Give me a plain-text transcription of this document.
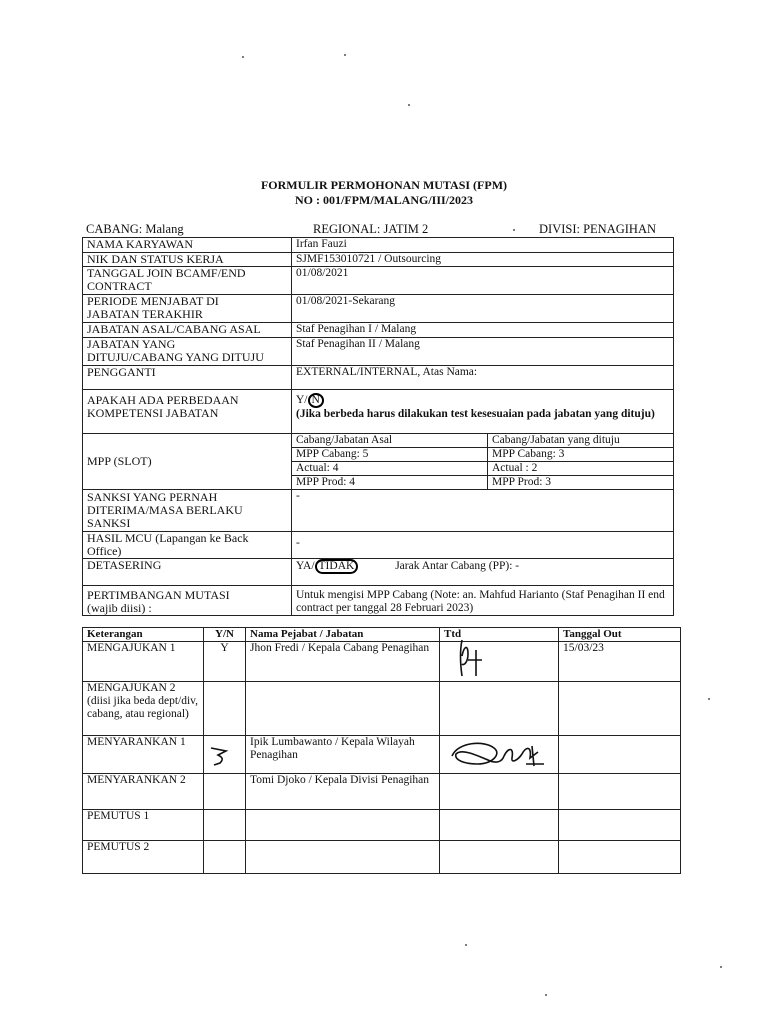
FORMULIR PERMOHONAN MUTASI (FPM)
NO : 001/FPM/MALANG/III/2023
CABANG: Malang	REGIONAL: JATIM 2	DIVISI: PENAGIHAN
NAMA KARYAWAN	Irfan Fauzi	
NIK DAN STATUS KERJA	SJMF153010721 / Outsourcing	
TANGGAL JOIN BCAMF/END
CONTRACT	01/08/2021	
PERIODE MENJABAT DI
JABATAN TERAKHIR	01/08/2021-Sekarang	
JABATAN ASAL/CABANG ASAL	Staf Penagihan I / Malang	
JABATAN YANG
DITUJU/CABANG YANG DITUJU	Staf Penagihan II / Malang	
PENGGANTI	EXTERNAL/INTERNAL, Atas Nama:	
APAKAH ADA PERBEDAAN
KOMPETENSI JABATAN	Y/ N
(Jika berbeda harus dilakukan test kesesuaian pada jabatan yang dituju)	
MPP (SLOT)	Cabang/Jabatan Asal	Cabang/Jabatan yang dituju
	MPP Cabang: 5	MPP Cabang: 3
	Actual: 4	Actual : 2
	MPP Prod: 4	MPP Prod: 3
SANKSI YANG PERNAH
DITERIMA/MASA BERLAKU
SANKSI	-	
HASIL MCU (Lapangan ke Back
Office)	-	
DETASERING	YA/ TIDAK Jarak Antar Cabang (PP): -	
PERTIMBANGAN MUTASI
(wajib diisi) :	Untuk mengisi MPP Cabang (Note: an. Mahfud Harianto (Staf Penagihan II end contract per tanggal 28 Februari 2023)	
Keterangan	Y/N	Nama Pejabat / Jabatan	Ttd	Tanggal Out
MENGAJUKAN 1	Y	Jhon Fredi / Kepala Cabang Penagihan		15/03/23
MENGAJUKAN 2 (diisi jika beda dept/div, cabang, atau regional)				
MENYARANKAN 1		Ipik Lumbawanto / Kepala Wilayah Penagihan		
MENYARANKAN 2		Tomi Djoko / Kepala Divisi Penagihan		
PEMUTUS 1				
PEMUTUS 2				
